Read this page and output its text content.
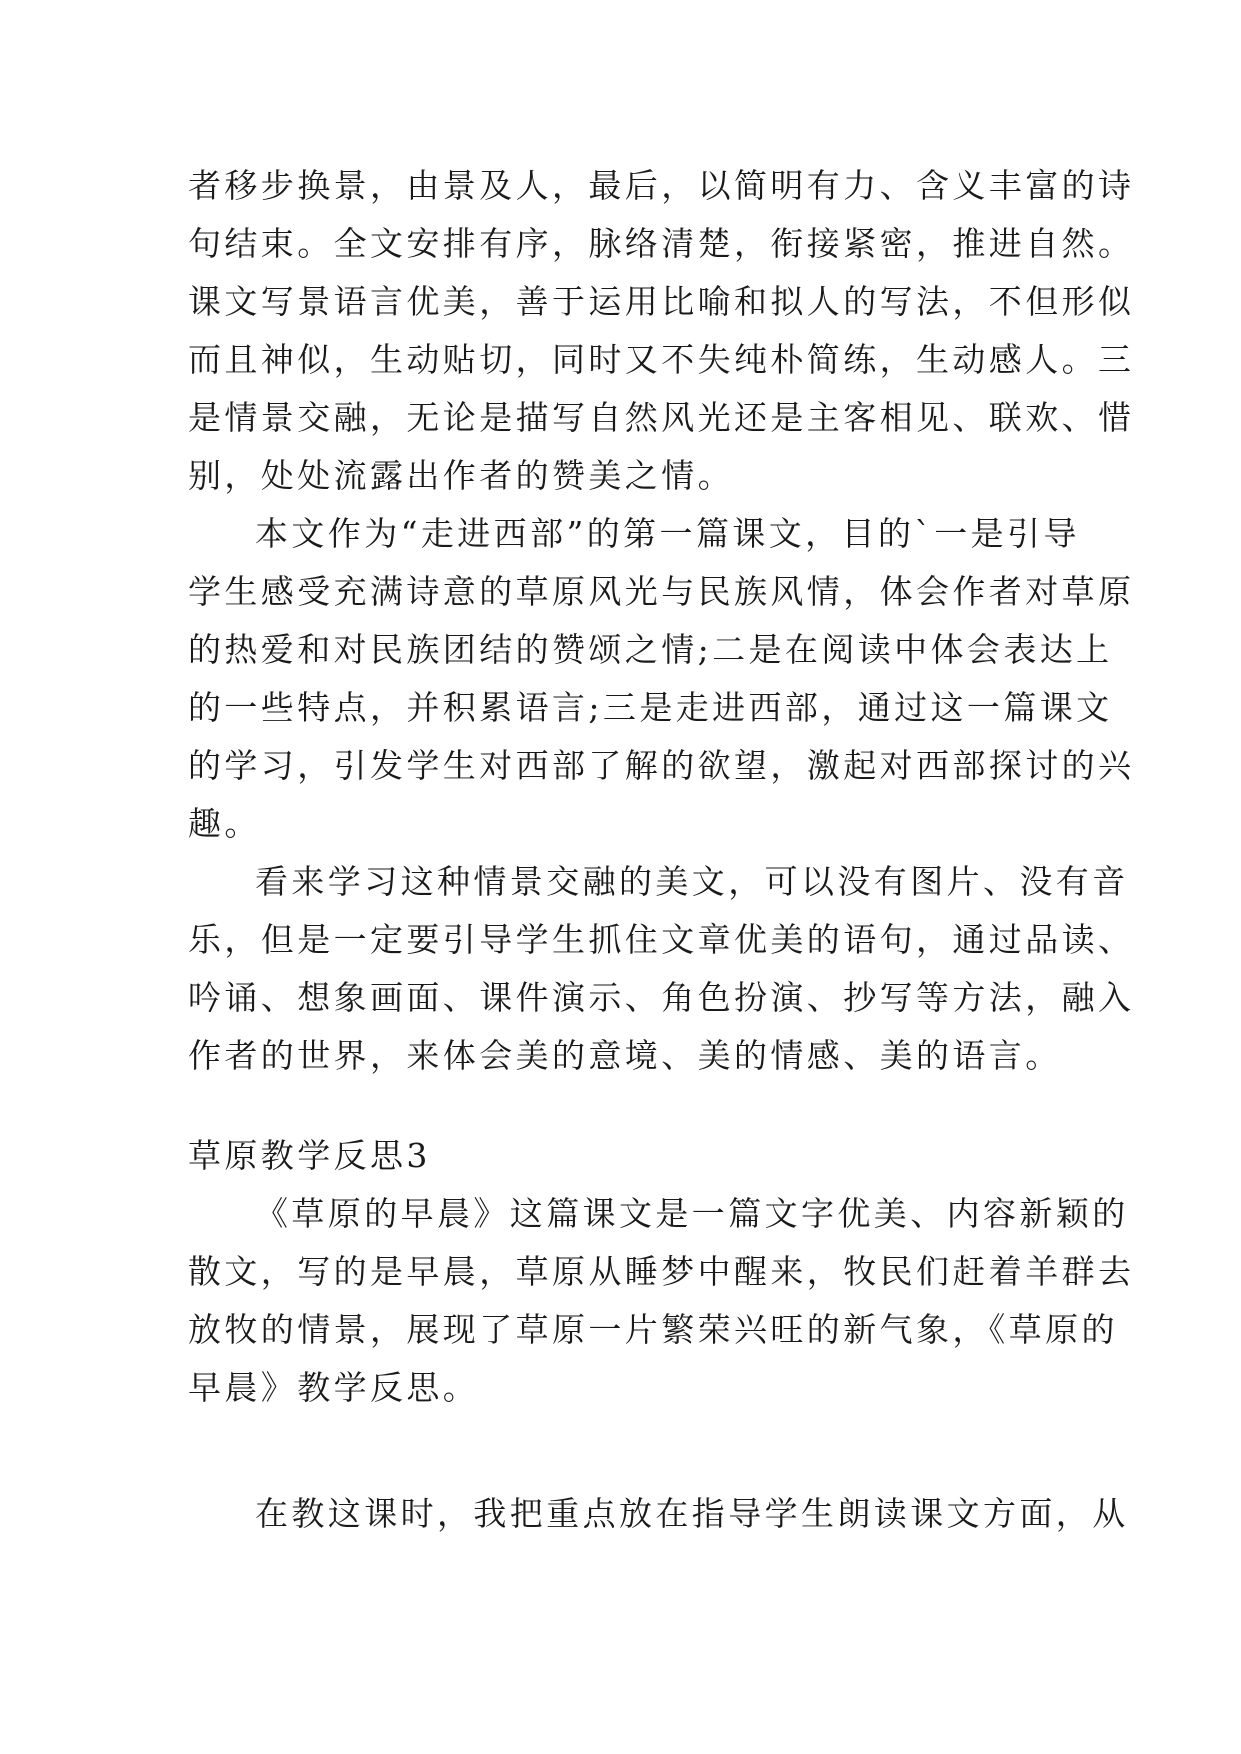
者移步换景，由景及人，最后，以简明有力、含义丰富的诗
句结束。全文安排有序，脉络清楚，衔接紧密，推进自然。
课文写景语言优美，善于运用比喻和拟人的写法，不但形似
而且神似，生动贴切，同时又不失纯朴简练，生动感人。三
是情景交融，无论是描写自然风光还是主客相见、联欢、惜
别，处处流露出作者的赞美之情。
本文作为“走进西部”的第一篇课文，目的`一是引导
学生感受充满诗意的草原风光与民族风情，体会作者对草原
的热爱和对民族团结的赞颂之情;二是在阅读中体会表达上
的一些特点，并积累语言;三是走进西部，通过这一篇课文
的学习，引发学生对西部了解的欲望，激起对西部探讨的兴
趣。
看来学习这种情景交融的美文，可以没有图片、没有音
乐，但是一定要引导学生抓住文章优美的语句，通过品读、
吟诵、想象画面、课件演示、角色扮演、抄写等方法，融入
作者的世界，来体会美的意境、美的情感、美的语言。
草原教学反思3
《草原的早晨》这篇课文是一篇文字优美、内容新颖的
散文，写的是早晨，草原从睡梦中醒来，牧民们赶着羊群去
放牧的情景，展现了草原一片繁荣兴旺的新气象，《草原的
早晨》教学反思。
在教这课时，我把重点放在指导学生朗读课文方面，从
